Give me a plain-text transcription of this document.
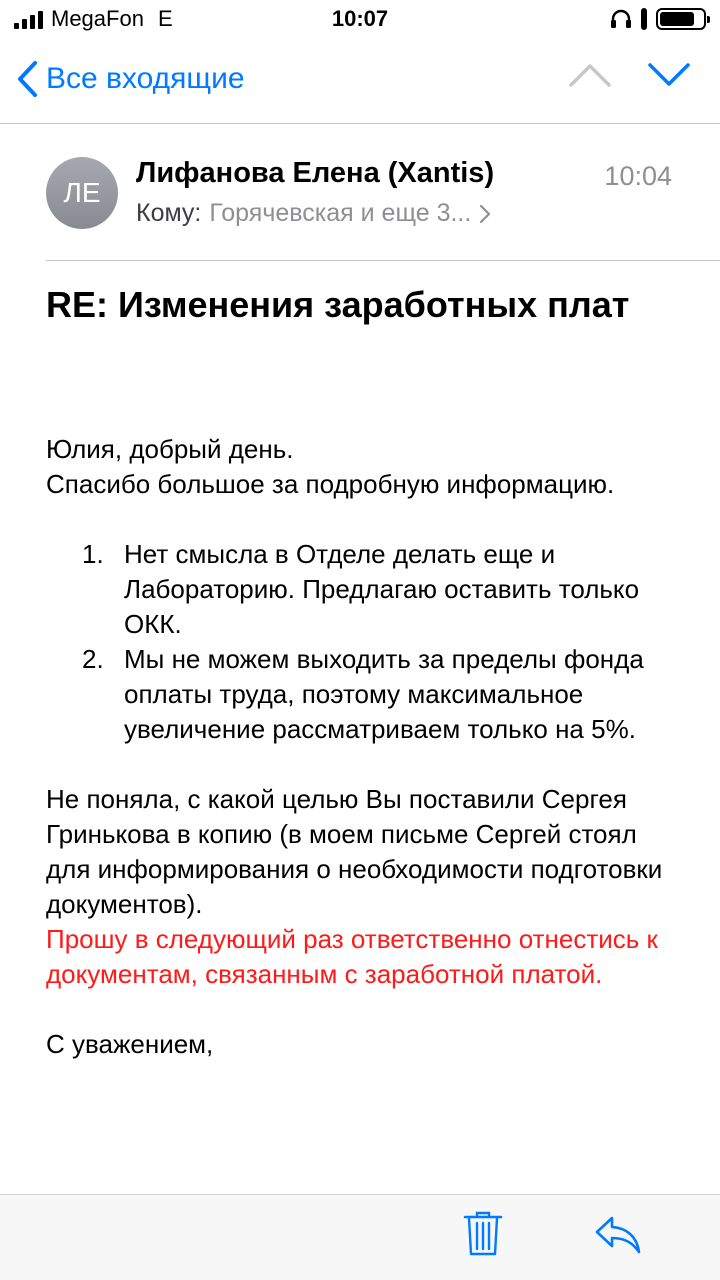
MegaFon E	10:07
Все входящие
ЛЕ
Лифанова Елена (Xantis)	10:04
Кому: Горячевская и еще 3...
RE: Изменения заработных плат

Юлия, добрый день.

Спасибо большое за подробную информацию.

1. Нет смысла в Отделе делать еще и Лабораторию. Предлагаю оставить только ОКК.
2. Мы не можем выходить за пределы фонда оплаты труда, поэтому максимальное увеличение рассматриваем только на 5%.

Не поняла, с какой целью Вы поставили Сергея Гринькова в копию (в моем письме Сергей стоял для информирования о необходимости подготовки документов).

Прошу в следующий раз ответственно отнестись к документам, связанным с заработной платой.

С уважением,
